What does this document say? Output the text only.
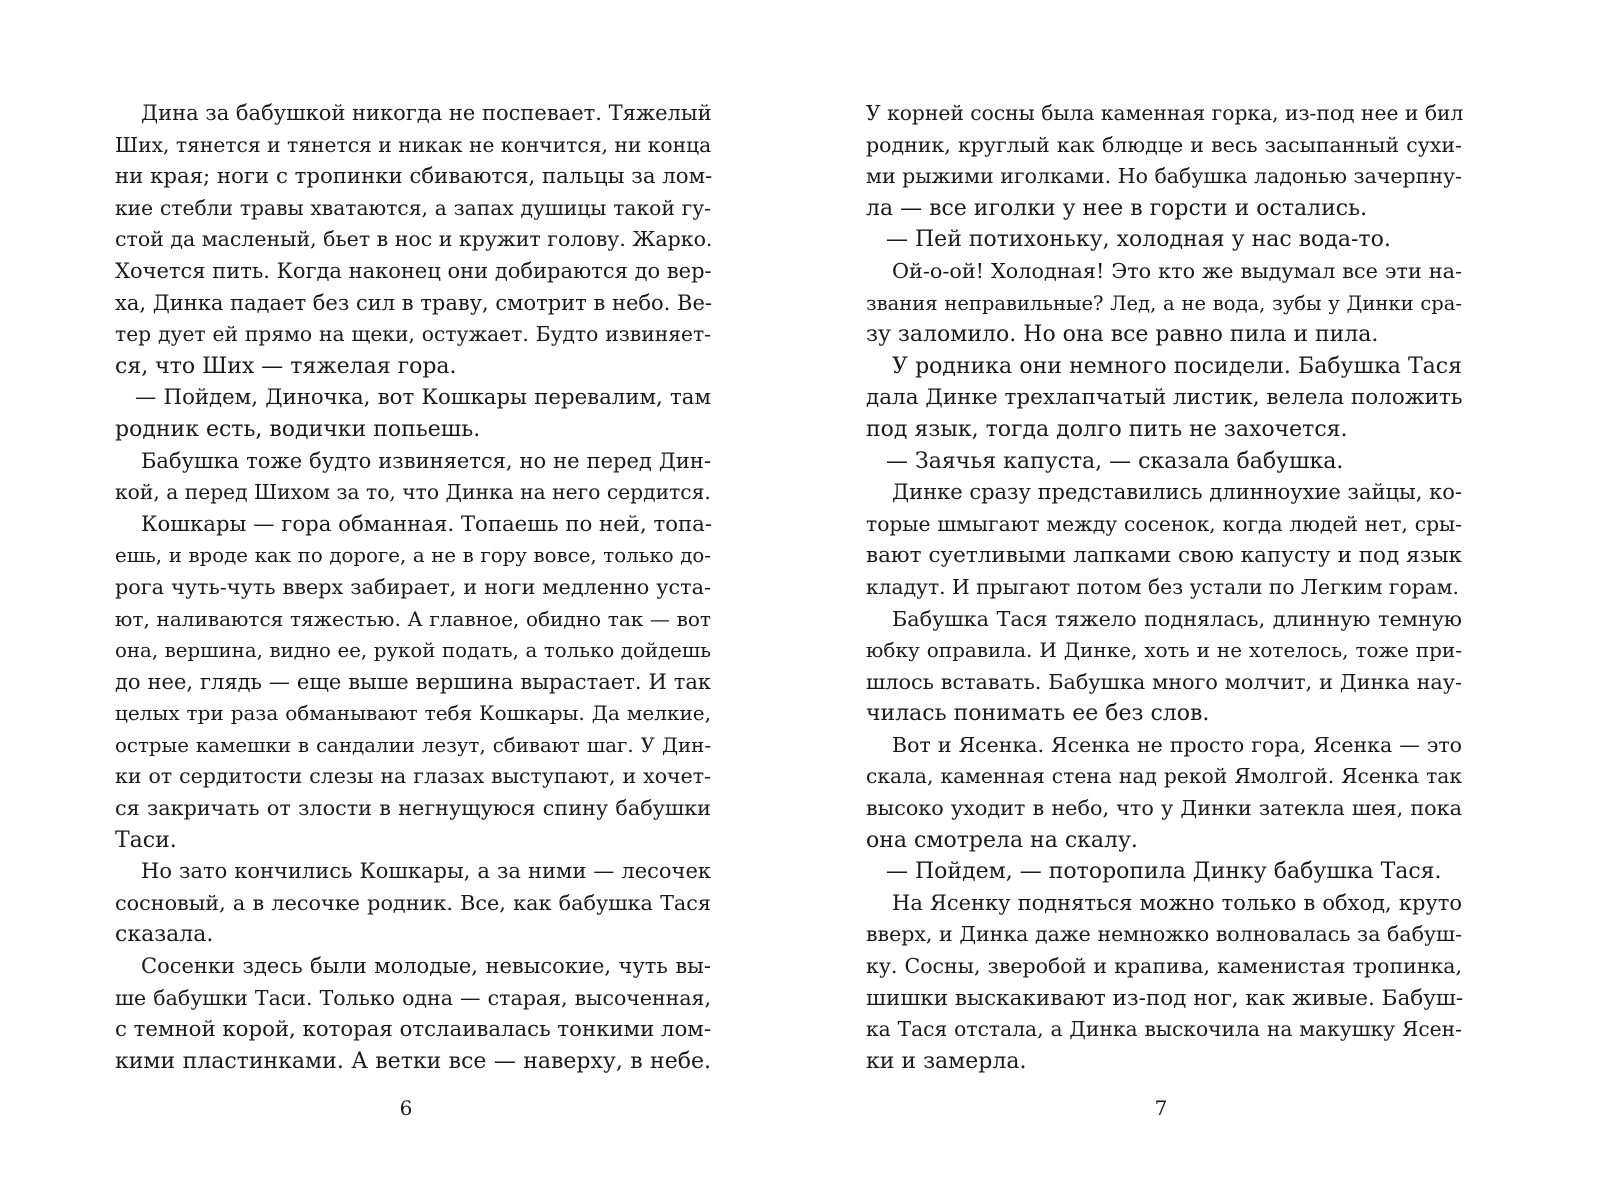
Дина за бабушкой никогда не поспевает. Тяжелый
Ших, тянется и тянется и никак не кончится, ни конца
ни края; ноги с тропинки сбиваются, пальцы за лом-
кие стебли травы хватаются, а запах душицы такой гу-
стой да масленый, бьет в нос и кружит голову. Жарко.
Хочется пить. Когда наконец они добираются до вер-
ха, Динка падает без сил в траву, смотрит в небо. Ве-
тер дует ей прямо на щеки, остужает. Будто извиняет-
ся, что Ших — тяжелая гора.
— Пойдем, Диночка, вот Кошкары перевалим, там
родник есть, водички попьешь.
Бабушка тоже будто извиняется, но не перед Дин-
кой, а перед Шихом за то, что Динка на него сердится.
Кошкары — гора обманная. Топаешь по ней, топа-
ешь, и вроде как по дороге, а не в гору вовсе, только до-
рога чуть-чуть вверх забирает, и ноги медленно уста-
ют, наливаются тяжестью. А главное, обидно так — вот
она, вершина, видно ее, рукой подать, а только дойдешь
до нее, глядь — еще выше вершина вырастает. И так
целых три раза обманывают тебя Кошкары. Да мелкие,
острые камешки в сандалии лезут, сбивают шаг. У Дин-
ки от сердитости слезы на глазах выступают, и хочет-
ся закричать от злости в негнущуюся спину бабушки
Таси.
Но зато кончились Кошкары, а за ними — лесочек
сосновый, а в лесочке родник. Все, как бабушка Тася
сказала.
Сосенки здесь были молодые, невысокие, чуть вы-
ше бабушки Таси. Только одна — старая, высоченная,
с темной корой, которая отслаивалась тонкими лом-
кими пластинками. А ветки все — наверху, в небе.
6
У корней сосны была каменная горка, из-под нее и бил
родник, круглый как блюдце и весь засыпанный сухи-
ми рыжими иголками. Но бабушка ладонью зачерпну-
ла — все иголки у нее в горсти и остались.
— Пей потихоньку, холодная у нас вода-то.
Ой-о-ой! Холодная! Это кто же выдумал все эти на-
звания неправильные? Лед, а не вода, зубы у Динки сра-
зу заломило. Но она все равно пила и пила.
У родника они немного посидели. Бабушка Тася
дала Динке трехлапчатый листик, велела положить
под язык, тогда долго пить не захочется.
— Заячья капуста, — сказала бабушка.
Динке сразу представились длинноухие зайцы, ко-
торые шмыгают между сосенок, когда людей нет, сры-
вают суетливыми лапками свою капусту и под язык
кладут. И прыгают потом без устали по Легким горам.
Бабушка Тася тяжело поднялась, длинную темную
юбку оправила. И Динке, хоть и не хотелось, тоже при-
шлось вставать. Бабушка много молчит, и Динка нау-
чилась понимать ее без слов.
Вот и Ясенка. Ясенка не просто гора, Ясенка — это
скала, каменная стена над рекой Ямолгой. Ясенка так
высоко уходит в небо, что у Динки затекла шея, пока
она смотрела на скалу.
— Пойдем, — поторопила Динку бабушка Тася.
На Ясенку подняться можно только в обход, круто
вверх, и Динка даже немножко волновалась за бабуш-
ку. Сосны, зверобой и крапива, каменистая тропинка,
шишки выскакивают из-под ног, как живые. Бабуш-
ка Тася отстала, а Динка выскочила на макушку Ясен-
ки и замерла.
7
